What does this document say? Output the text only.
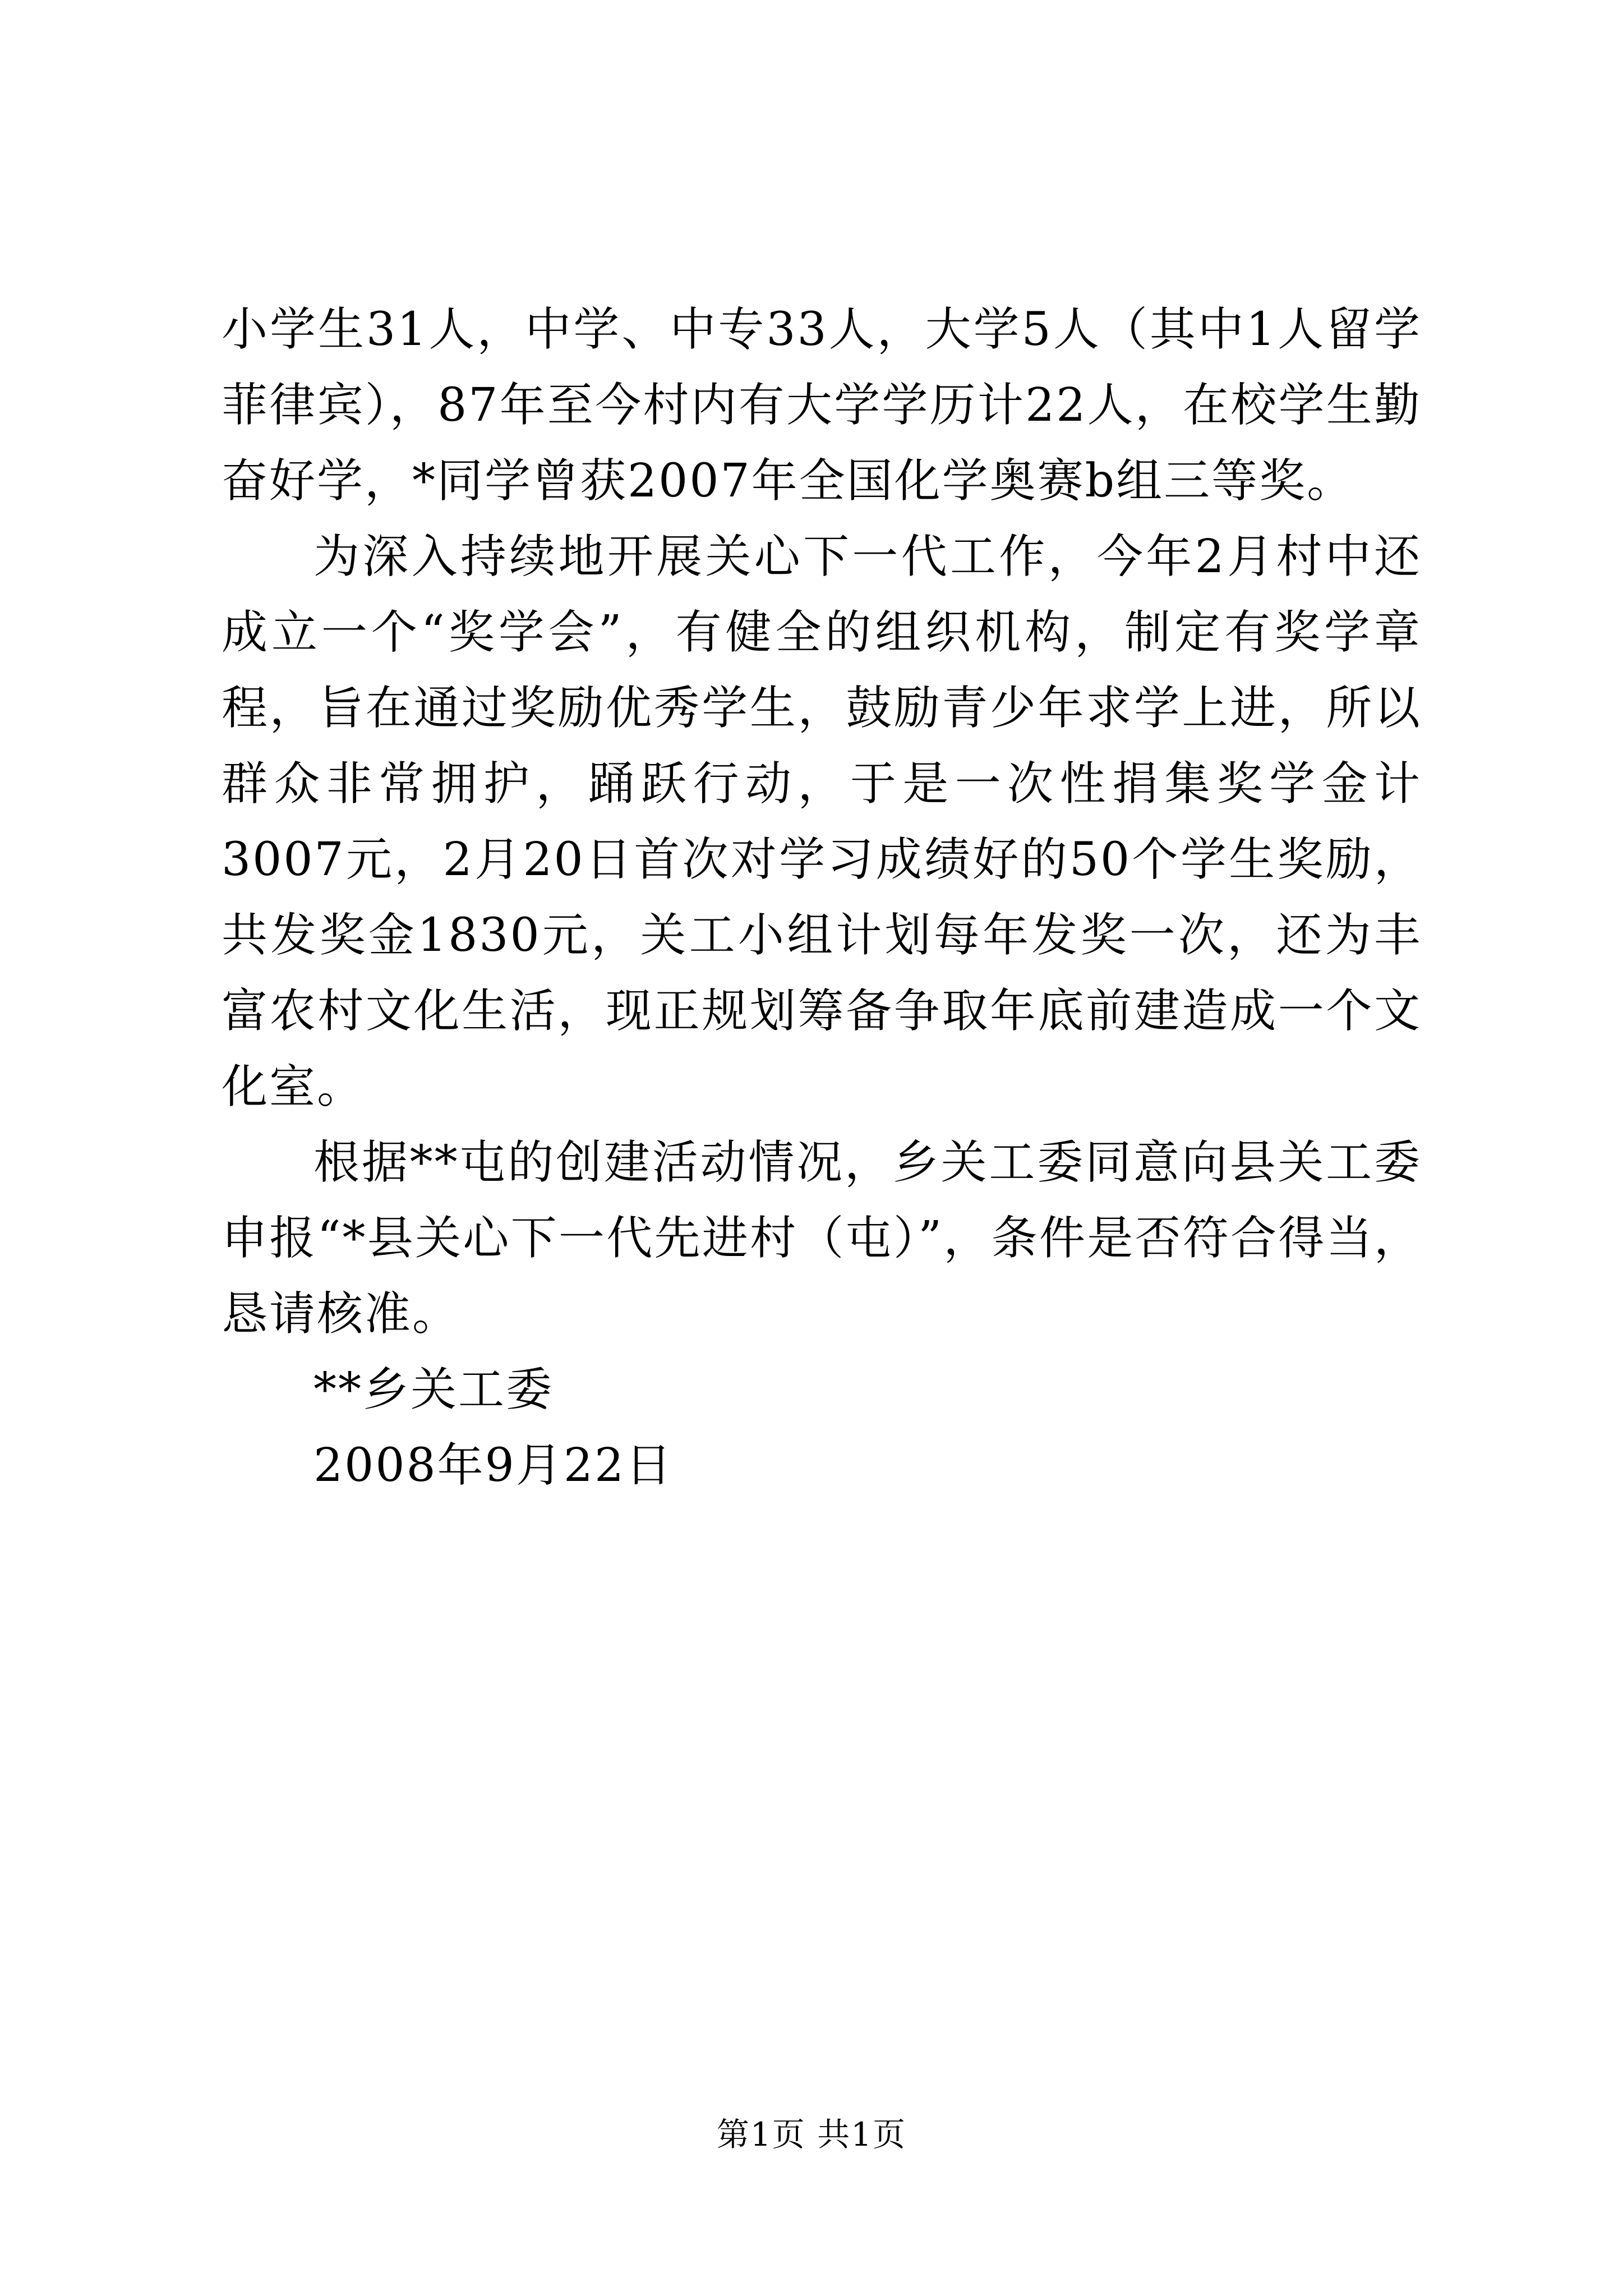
小学生31人，中学、中专33人，大学5人（其中1人留学菲律宾），87年至今村内有大学学历计22人，在校学生勤奋好学，*同学曾获2007年全国化学奥赛b组三等奖。

为深入持续地开展关心下一代工作，今年2月村中还成立一个“奖学会”，有健全的组织机构，制定有奖学章程，旨在通过奖励优秀学生，鼓励青少年求学上进，所以群众非常拥护，踊跃行动，于是一次性捐集奖学金计3007元，2月20日首次对学习成绩好的50个学生奖励，共发奖金1830元，关工小组计划每年发奖一次，还为丰富农村文化生活，现正规划筹备争取年底前建造成一个文化室。

根据**屯的创建活动情况，乡关工委同意向县关工委申报“*县关心下一代先进村（屯）”，条件是否符合得当，恳请核准。

**乡关工委

2008年9月22日

第1页 共1页
